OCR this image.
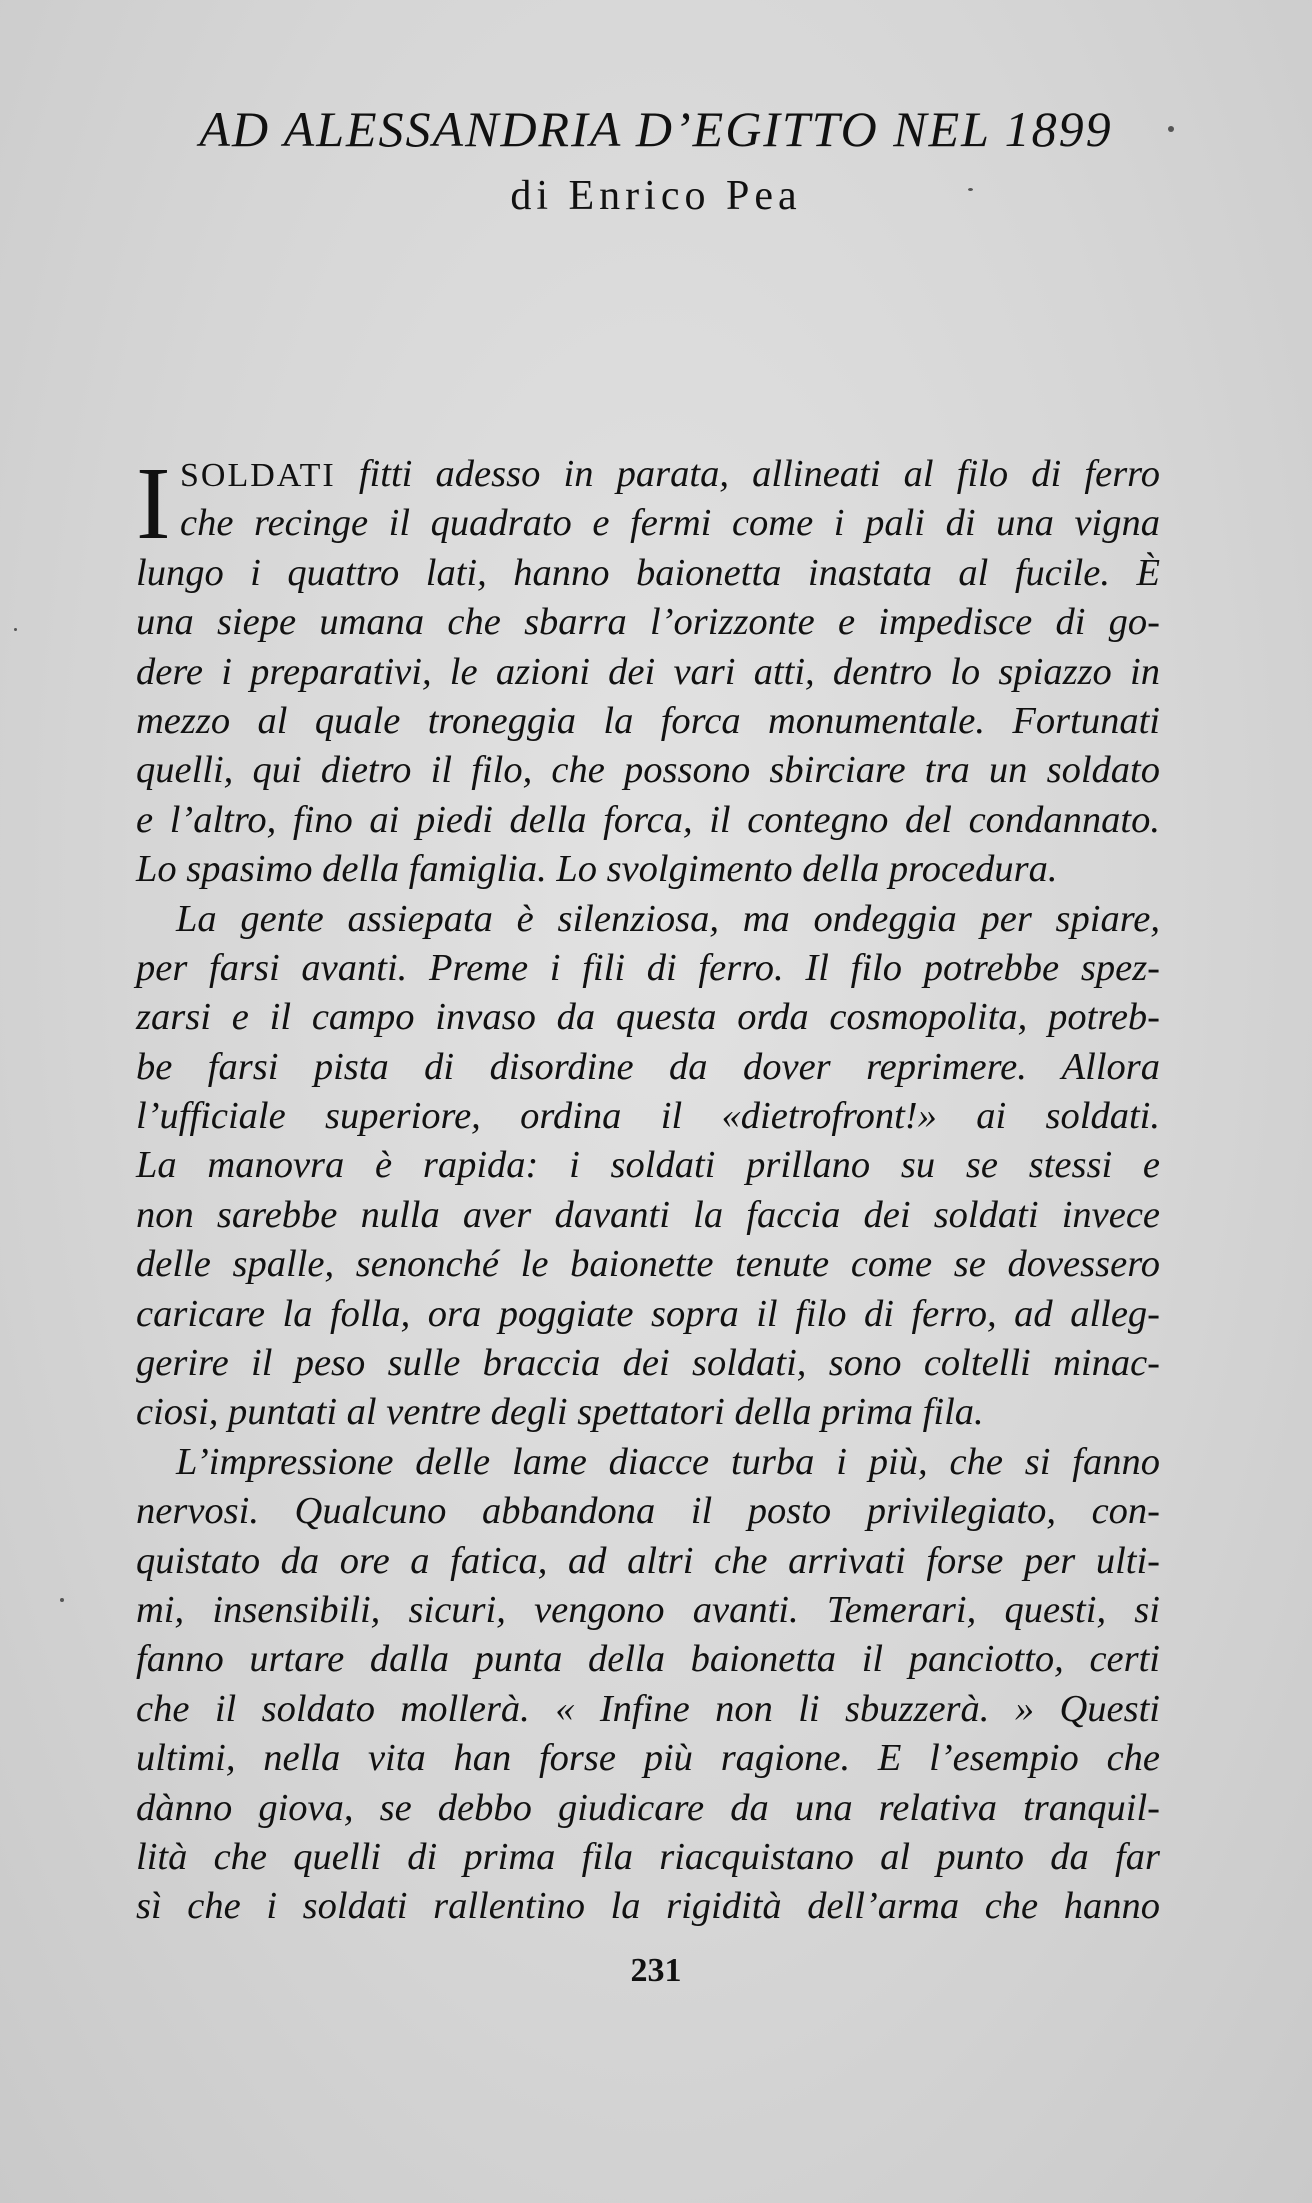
AD ALESSANDRIA D’EGITTO NEL 1899
di Enrico Pea
I SOLDATI fitti adesso in parata, allineati al filo di ferro
che recinge il quadrato e fermi come i pali di una vigna
lungo i quattro lati, hanno baionetta inastata al fucile. È
una siepe umana che sbarra l’orizzonte e impedisce di go-
dere i preparativi, le azioni dei vari atti, dentro lo spiazzo in
mezzo al quale troneggia la forca monumentale. Fortunati
quelli, qui dietro il filo, che possono sbirciare tra un soldato
e l’altro, fino ai piedi della forca, il contegno del condannato.
Lo spasimo della famiglia. Lo svolgimento della procedura.
La gente assiepata è silenziosa, ma ondeggia per spiare,
per farsi avanti. Preme i fili di ferro. Il filo potrebbe spez-
zarsi e il campo invaso da questa orda cosmopolita, potreb-
be farsi pista di disordine da dover reprimere. Allora
l’ufficiale superiore, ordina il «dietrofront!» ai soldati.
La manovra è rapida: i soldati prillano su se stessi e
non sarebbe nulla aver davanti la faccia dei soldati invece
delle spalle, senonché le baionette tenute come se dovessero
caricare la folla, ora poggiate sopra il filo di ferro, ad alleg-
gerire il peso sulle braccia dei soldati, sono coltelli minac-
ciosi, puntati al ventre degli spettatori della prima fila.
L’impressione delle lame diacce turba i più, che si fanno
nervosi. Qualcuno abbandona il posto privilegiato, con-
quistato da ore a fatica, ad altri che arrivati forse per ulti-
mi, insensibili, sicuri, vengono avanti. Temerari, questi, si
fanno urtare dalla punta della baionetta il panciotto, certi
che il soldato mollerà. « Infine non li sbuzzerà. » Questi
ultimi, nella vita han forse più ragione. E l’esempio che
dànno giova, se debbo giudicare da una relativa tranquil-
lità che quelli di prima fila riacquistano al punto da far
sì che i soldati rallentino la rigidità dell’arma che hanno
231
